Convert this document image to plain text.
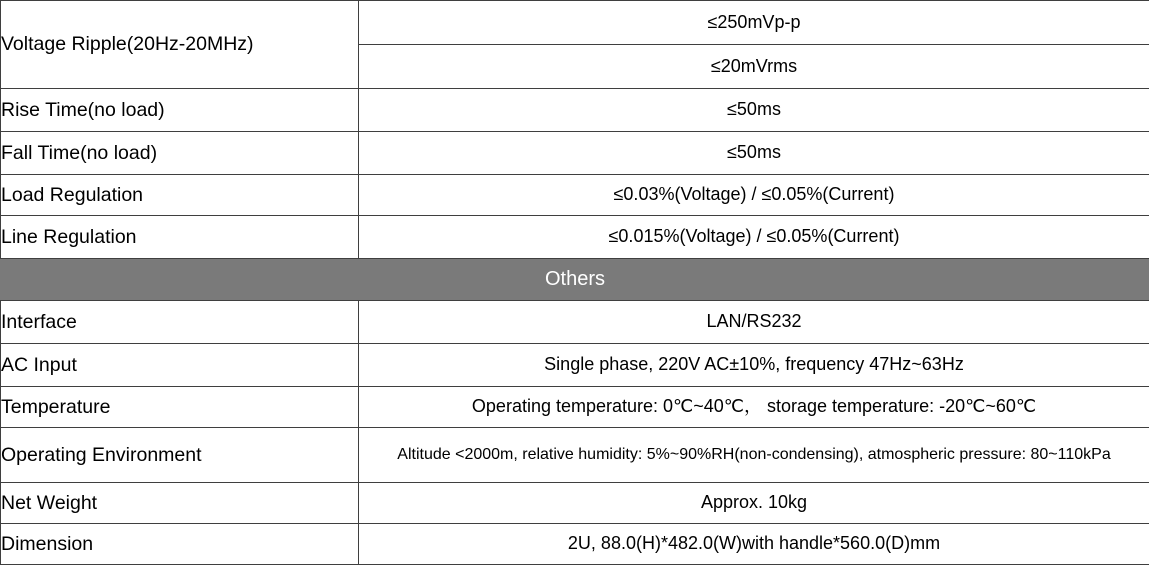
Voltage Ripple(20Hz-20MHz)	≤250mVp-p
	≤20mVrms
Rise Time(no load)	≤50ms
Fall Time(no load)	≤50ms
Load Regulation	≤0.03%(Voltage) / ≤0.05%(Current)
Line Regulation	≤0.015%(Voltage) / ≤0.05%(Current)
Others	
Interface	LAN/RS232
AC Input	Single phase, 220V AC±10%, frequency 47Hz~63Hz
Temperature	Operating temperature: 0℃~40℃， storage temperature: -20℃~60℃
Operating Environment	Altitude <2000m, relative humidity: 5%~90%RH(non-condensing), atmospheric pressure: 80~110kPa
Net Weight	Approx. 10kg
Dimension	2U, 88.0(H)*482.0(W)with handle*560.0(D)mm
